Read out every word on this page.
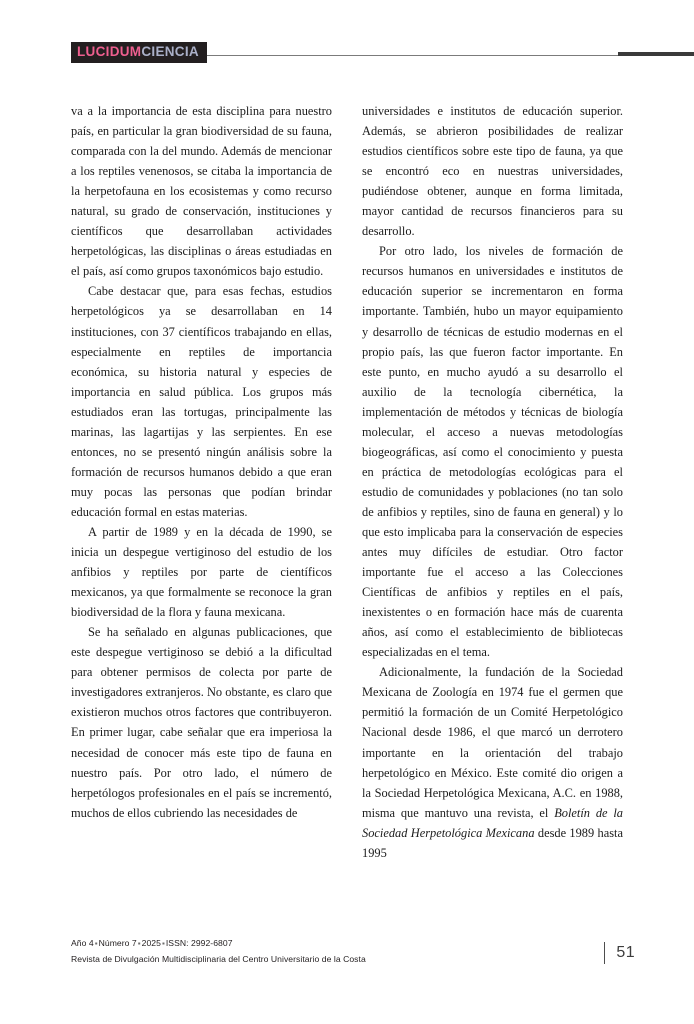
LUCIDUMCIENCIA

va a la importancia de esta disciplina para nuestro país, en particular la gran biodiversidad de su fauna, comparada con la del mundo. Además de mencionar a los reptiles venenosos, se citaba la importancia de la herpetofauna en los ecosistemas y como recurso natural, su grado de conservación, instituciones y científicos que desarrollaban actividades herpetológicas, las disciplinas o áreas estudiadas en el país, así como grupos taxonómicos bajo estudio.

Cabe destacar que, para esas fechas, estudios herpetológicos ya se desarrollaban en 14 instituciones, con 37 científicos trabajando en ellas, especialmente en reptiles de importancia económica, su historia natural y especies de importancia en salud pública. Los grupos más estudiados eran las tortugas, principalmente las marinas, las lagartijas y las serpientes. En ese entonces, no se presentó ningún análisis sobre la formación de recursos humanos debido a que eran muy pocas las personas que podían brindar educación formal en estas materias.

A partir de 1989 y en la década de 1990, se inicia un despegue vertiginoso del estudio de los anfibios y reptiles por parte de científicos mexicanos, ya que formalmente se reconoce la gran biodiversidad de la flora y fauna mexicana.

Se ha señalado en algunas publicaciones, que este despegue vertiginoso se debió a la dificultad para obtener permisos de colecta por parte de investigadores extranjeros. No obstante, es claro que existieron muchos otros factores que contribuyeron. En primer lugar, cabe señalar que era imperiosa la necesidad de conocer más este tipo de fauna en nuestro país. Por otro lado, el número de herpetólogos profesionales en el país se incrementó, muchos de ellos cubriendo las necesidades de

universidades e institutos de educación superior. Además, se abrieron posibilidades de realizar estudios científicos sobre este tipo de fauna, ya que se encontró eco en nuestras universidades, pudiéndose obtener, aunque en forma limitada, mayor cantidad de recursos financieros para su desarrollo.

Por otro lado, los niveles de formación de recursos humanos en universidades e institutos de educación superior se incrementaron en forma importante. También, hubo un mayor equipamiento y desarrollo de técnicas de estudio modernas en el propio país, las que fueron factor importante. En este punto, en mucho ayudó a su desarrollo el auxilio de la tecnología cibernética, la implementación de métodos y técnicas de biología molecular, el acceso a nuevas metodologías biogeográficas, así como el conocimiento y puesta en práctica de metodologías ecológicas para el estudio de comunidades y poblaciones (no tan solo de anfibios y reptiles, sino de fauna en general) y lo que esto implicaba para la conservación de especies antes muy difíciles de estudiar. Otro factor importante fue el acceso a las Colecciones Científicas de anfibios y reptiles en el país, inexistentes o en formación hace más de cuarenta años, así como el establecimiento de bibliotecas especializadas en el tema.

Adicionalmente, la fundación de la Sociedad Mexicana de Zoología en 1974 fue el germen que permitió la formación de un Comité Herpetológico Nacional desde 1986, el que marcó un derrotero importante en la orientación del trabajo herpetológico en México. Este comité dio origen a la Sociedad Herpetológica Mexicana, A.C. en 1988, misma que mantuvo una revista, el Boletín de la Sociedad Herpetológica Mexicana desde 1989 hasta 1995

Año 4▪Número 7▪2025▪ISSN: 2992-6807
Revista de Divulgación Multidisciplinaria del Centro Universitario de la Costa	51
